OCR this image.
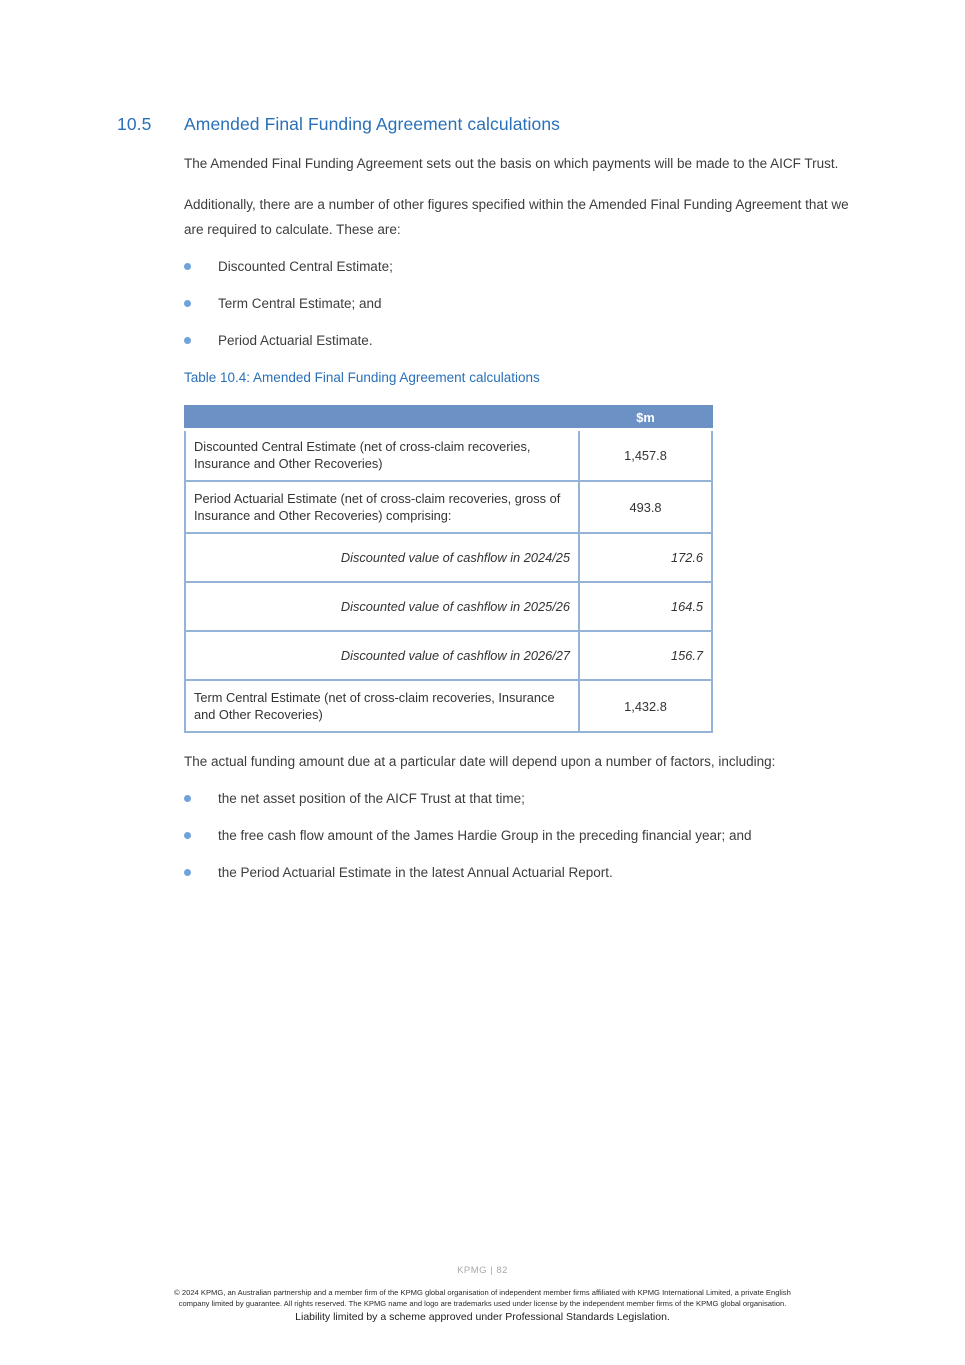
10.5	Amended Final Funding Agreement calculations

The Amended Final Funding Agreement sets out the basis on which payments will be made to the AICF Trust.

Additionally, there are a number of other figures specified within the Amended Final Funding Agreement that we are required to calculate. These are:

Discounted Central Estimate;
Term Central Estimate; and
Period Actuarial Estimate.

Table 10.4: Amended Final Funding Agreement calculations

	$m
Discounted Central Estimate (net of cross-claim recoveries, Insurance and Other Recoveries)	1,457.8
Period Actuarial Estimate (net of cross-claim recoveries, gross of Insurance and Other Recoveries) comprising:	493.8
Discounted value of cashflow in 2024/25	172.6
Discounted value of cashflow in 2025/26	164.5
Discounted value of cashflow in 2026/27	156.7
Term Central Estimate (net of cross-claim recoveries, Insurance and Other Recoveries)	1,432.8

The actual funding amount due at a particular date will depend upon a number of factors, including:

the net asset position of the AICF Trust at that time;
the free cash flow amount of the James Hardie Group in the preceding financial year; and
the Period Actuarial Estimate in the latest Annual Actuarial Report.
KPMG | 82
© 2024 KPMG, an Australian partnership and a member firm of the KPMG global organisation of independent member firms affiliated with KPMG International Limited, a private English
company limited by guarantee. All rights reserved. The KPMG name and logo are trademarks used under license by the independent member firms of the KPMG global organisation.
Liability limited by a scheme approved under Professional Standards Legislation.
